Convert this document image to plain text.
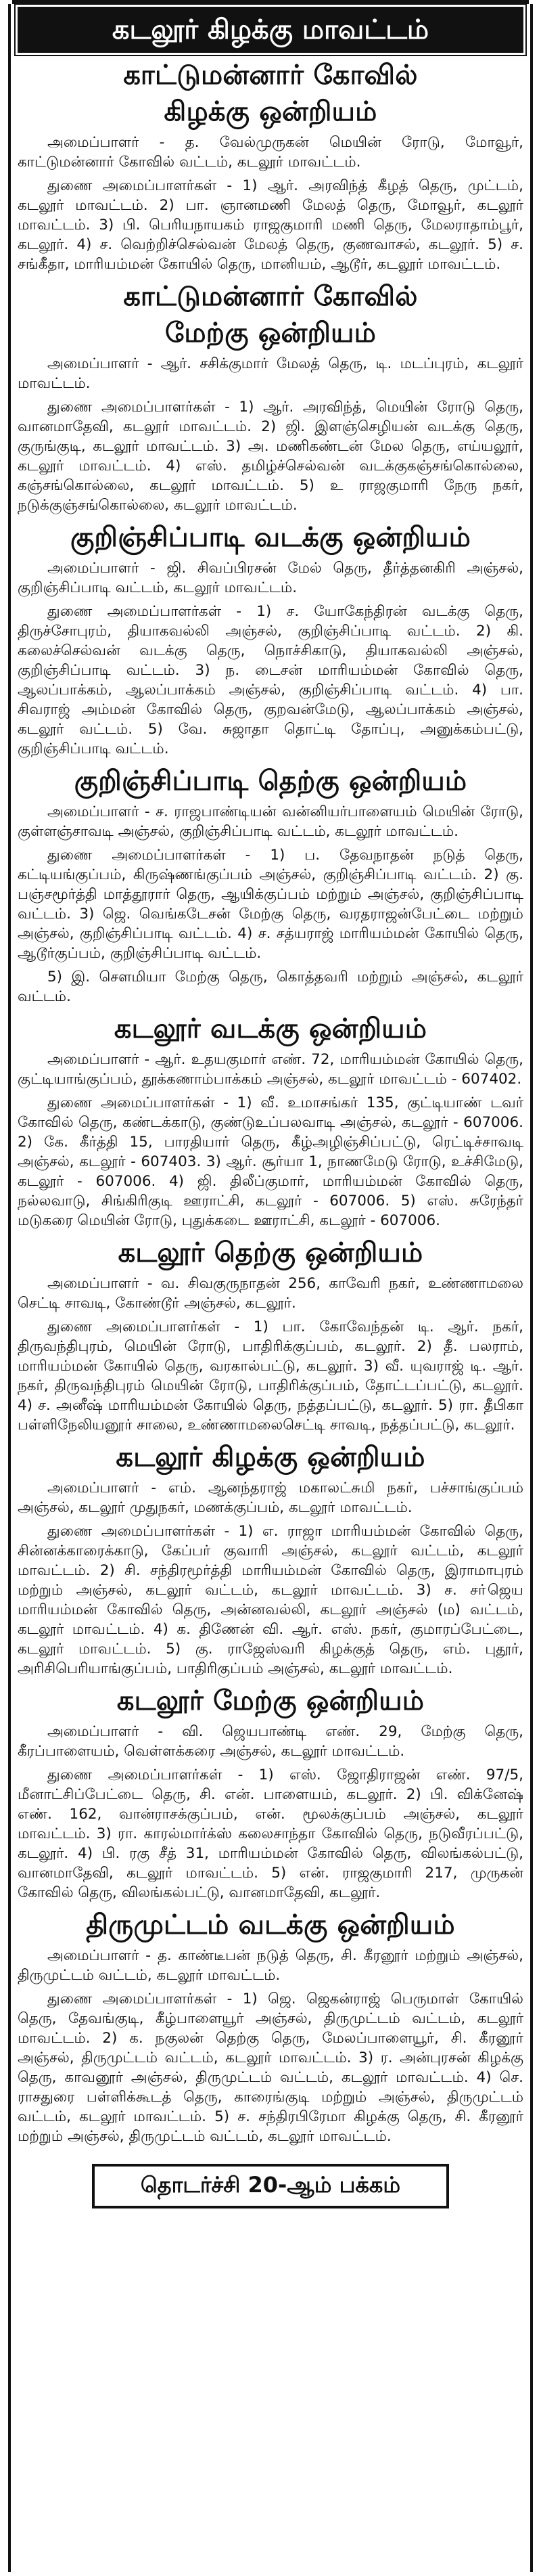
கடலூர் கிழக்கு மாவட்டம்
காட்டுமன்னார் கோவில்
கிழக்கு ஒன்றியம்

அமைப்பாளர் - த. வேல்முருகன் மெயின் ரோடு, மோவூர், காட்டுமன்னார் கோவில் வட்டம், கடலூர் மாவட்டம்.

துணை அமைப்பாளர்கள் - 1) ஆர். அரவிந்த் கீழத் தெரு, முட்டம், கடலூர் மாவட்டம். 2) பா. ஞானமணி மேலத் தெரு, மோவூர், கடலூர் மாவட்டம். 3) பி. பெரியநாயகம் ராஜகுமாரி மணி தெரு, மேலராதாம்பூர், கடலூர். 4) ச. வெற்றிச்செல்வன் மேலத் தெரு, குணவாசல், கடலூர். 5) ச. சங்கீதா, மாரியம்மன் கோயில் தெரு, மானியம், ஆடூர், கடலூர் மாவட்டம்.

காட்டுமன்னார் கோவில்
மேற்கு ஒன்றியம்

அமைப்பாளர் - ஆர். சசிக்குமார் மேலத் தெரு, டி. மடப்புரம், கடலூர் மாவட்டம்.

துணை அமைப்பாளர்கள் - 1) ஆர். அரவிந்த், மெயின் ரோடு தெரு, வானமாதேவி, கடலூர் மாவட்டம். 2) ஜி. இளஞ்செழியன் வடக்கு தெரு, குருங்குடி, கடலூர் மாவட்டம். 3) அ. மணிகண்டன் மேல தெரு, எய்யலூர், கடலூர் மாவட்டம். 4) எஸ். தமிழ்ச்செல்வன் வடக்குகஞ்சங்கொல்லை, கஞ்சங்கொல்லை, கடலூர் மாவட்டம். 5) உ ராஜகுமாரி நேரு நகர், நடுக்குஞ்சங்கொல்லை, கடலூர் மாவட்டம்.

குறிஞ்சிப்பாடி வடக்கு ஒன்றியம்

அமைப்பாளர் - ஜி. சிவப்பிரசன் மேல் தெரு, தீர்த்தனகிரி அஞ்சல், குறிஞ்சிப்பாடி வட்டம், கடலூர் மாவட்டம்.

துணை அமைப்பாளர்கள் - 1) ச. யோகேந்திரன் வடக்கு தெரு, திருச்சோபுரம், தியாகவல்லி அஞ்சல், குறிஞ்சிப்பாடி வட்டம். 2) கி. கலைச்செல்வன் வடக்கு தெரு, நொச்சிகாடு, தியாகவல்லி அஞ்சல், குறிஞ்சிப்பாடி வட்டம். 3) ந. டைசன் மாரியம்மன் கோவில் தெரு, ஆலப்பாக்கம், ஆலப்பாக்கம் அஞ்சல், குறிஞ்சிப்பாடி வட்டம். 4) பா. சிவராஜ் அம்மன் கோவில் தெரு, குறவன்மேடு, ஆலப்பாக்கம் அஞ்சல், கடலூர் வட்டம். 5) வே. சுஜாதா தொட்டி தோப்பு, அனுக்கம்பட்டு, குறிஞ்சிப்பாடி வட்டம்.

குறிஞ்சிப்பாடி தெற்கு ஒன்றியம்

அமைப்பாளர் - ச. ராஜபாண்டியன் வன்னியர்பாளையம் மெயின் ரோடு, குள்ளஞ்சாவடி அஞ்சல், குறிஞ்சிப்பாடி வட்டம், கடலூர் மாவட்டம்.

துணை அமைப்பாளர்கள் - 1) ப. தேவநாதன் நடுத் தெரு, கட்டியங்குப்பம், கிருஷ்ணங்குப்பம் அஞ்சல், குறிஞ்சிப்பாடி வட்டம். 2) கு. பஞ்சமூர்த்தி மாத்தூரார் தெரு, ஆயிக்குப்பம் மற்றும் அஞ்சல், குறிஞ்சிப்பாடி வட்டம். 3) ஜெ. வெங்கடேசன் மேற்கு தெரு, வரதராஜன்பேட்டை மற்றும் அஞ்சல், குறிஞ்சிப்பாடி வட்டம். 4) ச. சத்யராஜ் மாரியம்மன் கோயில் தெரு, ஆடூர்குப்பம், குறிஞ்சிப்பாடி வட்டம்.

5) இ. செளமியா மேற்கு தெரு, கொத்தவரி மற்றும் அஞ்சல், கடலூர் வட்டம்.

கடலூர் வடக்கு ஒன்றியம்

அமைப்பாளர் - ஆர். உதயகுமார் எண். 72, மாரியம்மன் கோயில் தெரு, குட்டியாங்குப்பம், தூக்கணாம்பாக்கம் அஞ்சல், கடலூர் மாவட்டம் - 607402.

துணை அமைப்பாளர்கள் - 1) வீ. உமாசங்கர் 135, குட்டியாண் டவர் கோவில் தெரு, கண்டக்காடு, குண்டுஉப்பலவாடி அஞ்சல், கடலூர் - 607006. 2) கே. கீர்த்தி 15, பாரதியார் தெரு, கீழ்அழிஞ்சிப்பட்டு, ரெட்டிச்சாவடி அஞ்சல், கடலூர் - 607403. 3) ஆர். சூர்யா 1, நாணமேடு ரோடு, உச்சிமேடு, கடலூர் - 607006. 4) ஜி. திலீப்குமார், மாரியம்மன் கோவில் தெரு, நல்லவாடு, சிங்கிரிகுடி ஊராட்சி, கடலூர் - 607006. 5) எஸ். சுரேந்தர் மடுகரை மெயின் ரோடு, புதுக்கடை ஊராட்சி, கடலூர் - 607006.

கடலூர் தெற்கு ஒன்றியம்

அமைப்பாளர் - வ. சிவகுருநாதன் 256, காவேரி நகர், உண்ணாமலை செட்டி சாவடி, கோண்டூர் அஞ்சல், கடலூர்.

துணை அமைப்பாளர்கள் - 1) பா. கோவேந்தன் டி. ஆர். நகர், திருவந்திபுரம், மெயின் ரோடு, பாதிரிக்குப்பம், கடலூர். 2) தீ. பலராம், மாரியம்மன் கோயில் தெரு, வரகால்பட்டு, கடலூர். 3) வீ. யுவராஜ் டி. ஆர். நகர், திருவந்திபுரம் மெயின் ரோடு, பாதிரிக்குப்பம், தோட்டப்பட்டு, கடலூர். 4) ச. அனீஷ் மாரியம்மன் கோயில் தெரு, நத்தப்பட்டு, கடலூர். 5) ரா. தீபிகா பள்ளிநேலியனூர் சாலை, உண்ணாமலைசெட்டி சாவடி, நத்தப்பட்டு, கடலூர்.

கடலூர் கிழக்கு ஒன்றியம்

அமைப்பாளர் - எம். ஆனந்தராஜ் மகாலட்சுமி நகர், பச்சாங்குப்பம் அஞ்சல், கடலூர் முதுநகர், மணக்குப்பம், கடலூர் மாவட்டம்.

துணை அமைப்பாளர்கள் - 1) எ. ராஜா மாரியம்மன் கோவில் தெரு, சின்னக்காரைக்காடு, கேப்பர் குவாரி அஞ்சல், கடலூர் வட்டம், கடலூர் மாவட்டம். 2) சி. சந்திரமூர்த்தி மாரியம்மன் கோவில் தெரு, இராமாபுரம் மற்றும் அஞ்சல், கடலூர் வட்டம், கடலூர் மாவட்டம். 3) ச. சா்ஜெய மாரியம்மன் கோவில் தெரு, அன்னவல்லி, கடலூர் அஞ்சல் (ம) வட்டம், கடலூர் மாவட்டம். 4) க. திணேன் வி. ஆர். எஸ். நகர், குமாரப்பேட்டை, கடலூர் மாவட்டம். 5) கு. ராஜேஸ்வரி கிழக்குத் தெரு, எம். புதூர், அரிசிபெரியாங்குப்பம், பாதிரிகுப்பம் அஞ்சல், கடலூர் மாவட்டம்.

கடலூர் மேற்கு ஒன்றியம்

அமைப்பாளர் - வி. ஜெயபாண்டி எண். 29, மேற்கு தெரு, கீரப்பாளையம், வெள்ளக்கரை அஞ்சல், கடலூர் மாவட்டம்.

துணை அமைப்பாளர்கள் - 1) எஸ். ஜோதிராஜன் எண். 97/5, மீனாட்சிப்பேட்டை தெரு, சி. என். பாளையம், கடலூர். 2) பி. விக்னேஷ் எண். 162, வான்ராசக்குப்பம், என். மூலக்குப்பம் அஞ்சல், கடலூர் மாவட்டம். 3) ரா. காரல்மார்க்ஸ் கலைசாந்தா கோவில் தெரு, நடுவீரப்பட்டு, கடலூர். 4) பி. ரகு சீத் 31, மாரியம்மன் கோவில் தெரு, விலங்கல்பட்டு, வானமாதேவி, கடலூர் மாவட்டம். 5) என். ராஜகுமாரி 217, முருகன் கோவில் தெரு, விலங்கல்பட்டு, வானமாதேவி, கடலூர்.

திருமுட்டம் வடக்கு ஒன்றியம்

அமைப்பாளர் - த. காண்டீபன் நடுத் தெரு, சி. கீரனூர் மற்றும் அஞ்சல், திருமுட்டம் வட்டம், கடலூர் மாவட்டம்.

துணை அமைப்பாளர்கள் - 1) ஜெ. ஜெகன்ராஜ் பெருமாள் கோயில் தெரு, தேவங்குடி, கீழ்பாளையூர் அஞ்சல், திருமுட்டம் வட்டம், கடலூர் மாவட்டம். 2) க. நகுலன் தெற்கு தெரு, மேலப்பாளையூர், சி. கீரனூர் அஞ்சல், திருமுட்டம் வட்டம், கடலூர் மாவட்டம். 3) ர. அன்புரசன் கிழக்கு தெரு, காவனூர் அஞ்சல், திருமுட்டம் வட்டம், கடலூர் மாவட்டம். 4) செ. ராசதுரை பள்ளிக்கூடத் தெரு, காரைங்குடி மற்றும் அஞ்சல், திருமுட்டம் வட்டம், கடலூர் மாவட்டம். 5) ச. சந்திரபிரேமா கிழக்கு தெரு, சி. கீரனூர் மற்றும் அஞ்சல், திருமுட்டம் வட்டம், கடலூர் மாவட்டம்.

தொடர்ச்சி 20-ஆம் பக்கம்
